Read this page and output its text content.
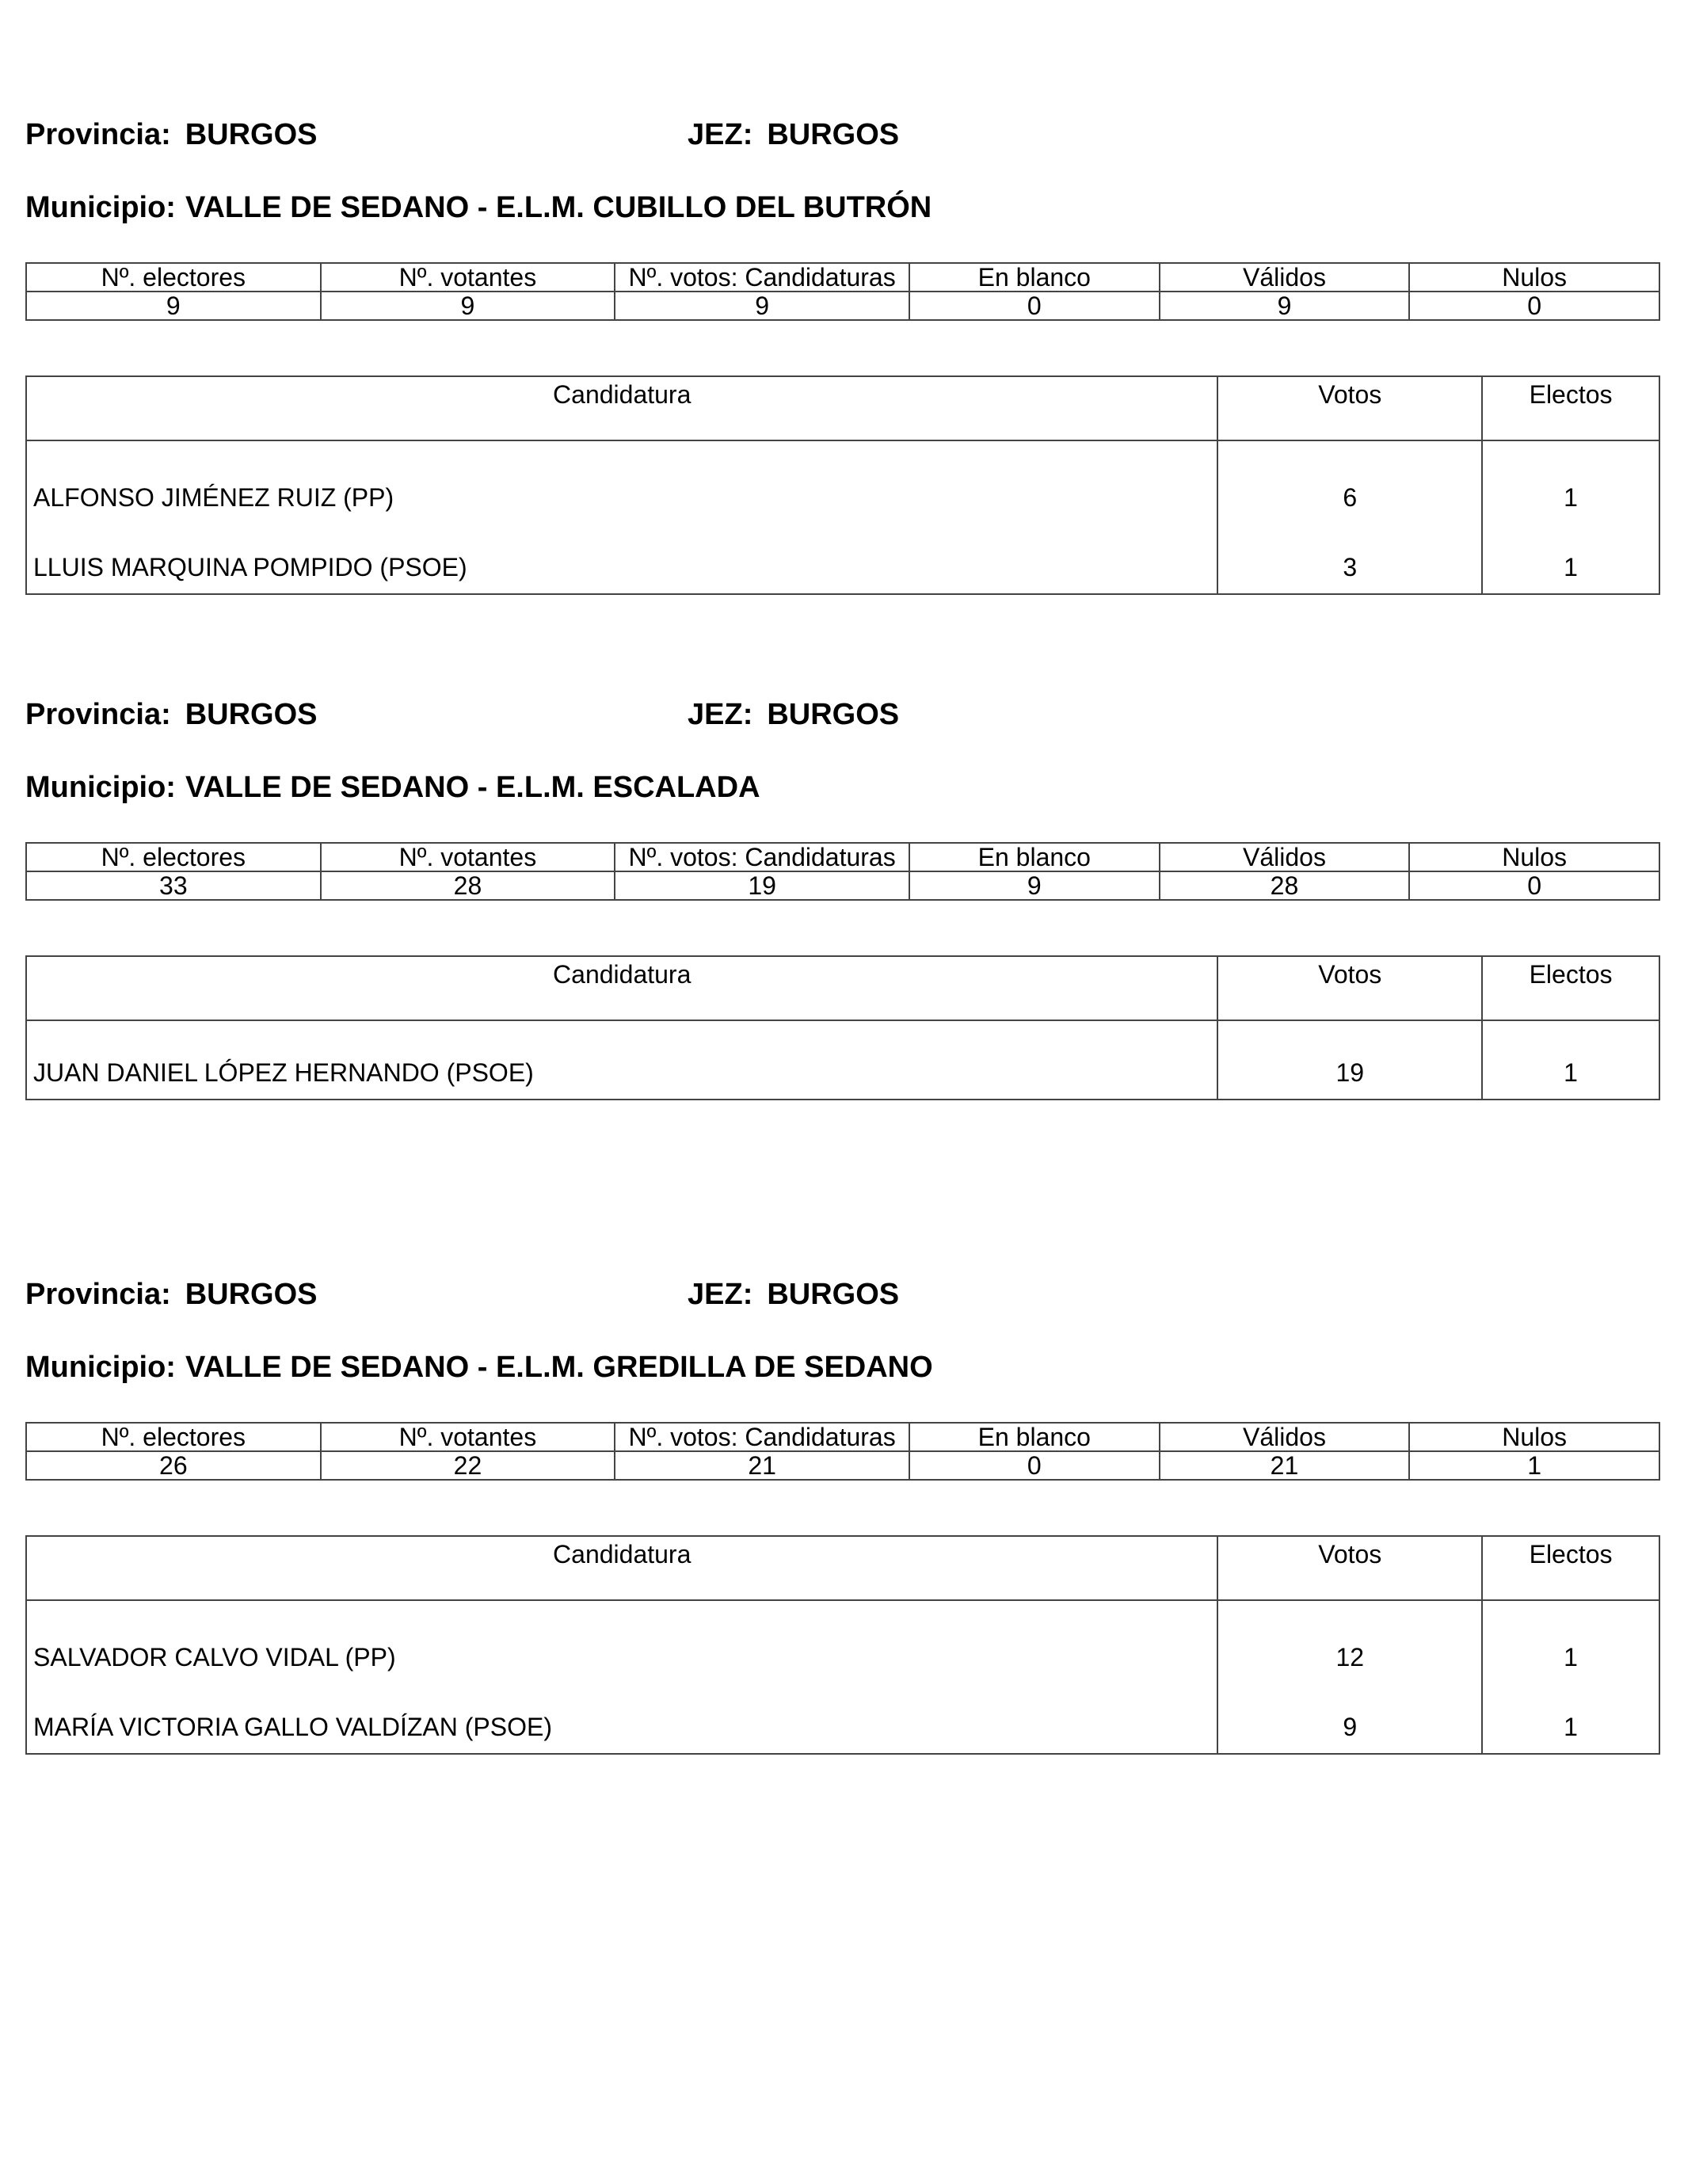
Provincia: BURGOS	JEZ: BURGOS
Municipio: VALLE DE SEDANO - E.L.M. CUBILLO DEL BUTRÓN
Nº. electores	Nº. votantes	Nº. votos: Candidaturas	En blanco	Válidos	Nulos
9	9	9	0	9	0
Candidatura	Votos	Electos
ALFONSO JIMÉNEZ RUIZ (PP)	6	1
LLUIS MARQUINA POMPIDO (PSOE)	3	1
Provincia: BURGOS	JEZ: BURGOS
Municipio: VALLE DE SEDANO - E.L.M. ESCALADA
Nº. electores	Nº. votantes	Nº. votos: Candidaturas	En blanco	Válidos	Nulos
33	28	19	9	28	0
Candidatura	Votos	Electos
JUAN DANIEL LÓPEZ HERNANDO (PSOE)	19	1
Provincia: BURGOS	JEZ: BURGOS
Municipio: VALLE DE SEDANO - E.L.M. GREDILLA DE SEDANO
Nº. electores	Nº. votantes	Nº. votos: Candidaturas	En blanco	Válidos	Nulos
26	22	21	0	21	1
Candidatura	Votos	Electos
SALVADOR CALVO VIDAL (PP)	12	1
MARÍA VICTORIA GALLO VALDÍZAN (PSOE)	9	1
